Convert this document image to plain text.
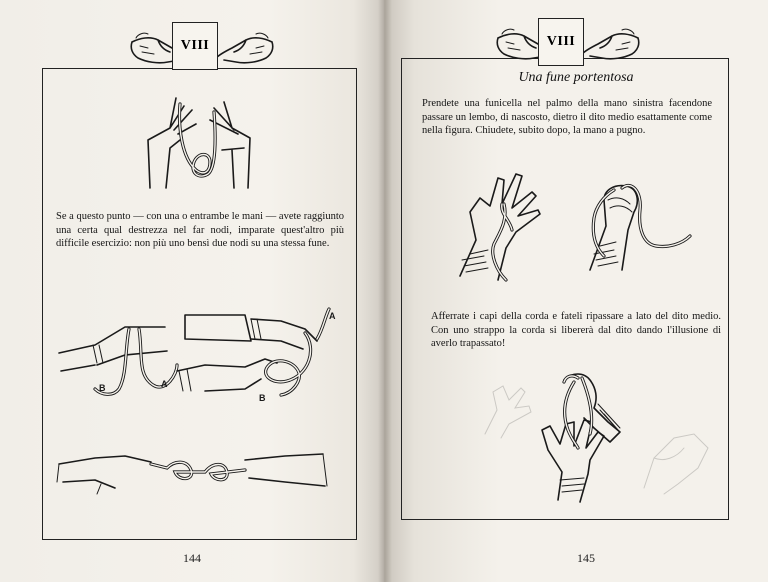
VIII
Se a questo punto — con una o entrambe le mani — avete raggiunto una certa qual destrezza nel far nodi, imparate quest'altro più difficile esercizio: non più uno bensì due nodi su una stessa fune.
B	A
A
B
144
VIII
Una fune portentosa
Prendete una funicella nel palmo della mano sinistra facendone passare un lembo, di nascosto, dietro il dito medio esattamente come nella figura. Chiudete, subito dopo, la mano a pugno.
Afferrate i capi della corda e fateli ripassare a lato del dito medio. Con uno strappo la corda si libererà dal dito dando l'illusione di averlo trapassato!
145
